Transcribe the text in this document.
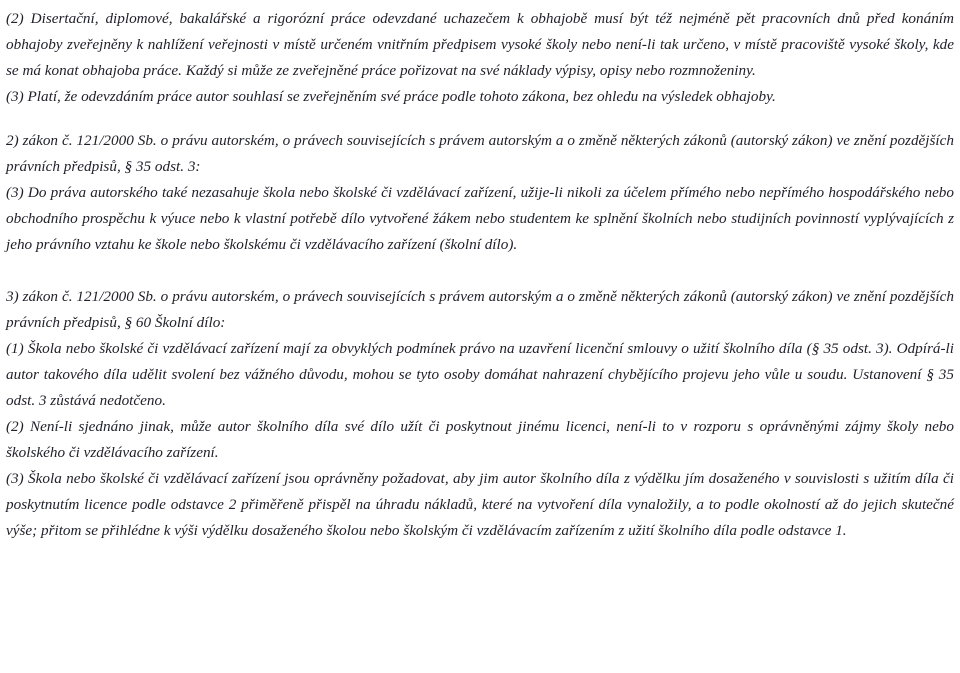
(2) Disertační, diplomové, bakalářské a rigorózní práce odevzdané uchazečem k obhajobě musí být též nejméně pět pracovních dnů před konáním obhajoby zveřejněny k nahlížení veřejnosti v místě určeném vnitřním předpisem vysoké školy nebo není-li tak určeno, v místě pracoviště vysoké školy, kde se má konat obhajoba práce. Každý si může ze zveřejněné práce pořizovat na své náklady výpisy, opisy nebo rozmnoženiny.

(3) Platí, že odevzdáním práce autor souhlasí se zveřejněním své práce podle tohoto zákona, bez ohledu na výsledek obhajoby.

2) zákon č. 121/2000 Sb. o právu autorském, o právech souvisejících s právem autorským a o změně některých zákonů (autorský zákon) ve znění pozdějších právních předpisů, § 35 odst. 3:

(3) Do práva autorského také nezasahuje škola nebo školské či vzdělávací zařízení, užije-li nikoli za účelem přímého nebo nepřímého hospodářského nebo obchodního prospěchu k výuce nebo k vlastní potřebě dílo vytvořené žákem nebo studentem ke splnění školních nebo studijních povinností vyplývajících z jeho právního vztahu ke škole nebo školskému či vzdělávacího zařízení (školní dílo).

3) zákon č. 121/2000 Sb. o právu autorském, o právech souvisejících s právem autorským a o změně některých zákonů (autorský zákon) ve znění pozdějších právních předpisů, § 60 Školní dílo:

(1) Škola nebo školské či vzdělávací zařízení mají za obvyklých podmínek právo na uzavření licenční smlouvy o užití školního díla (§ 35 odst. 3). Odpírá-li autor takového díla udělit svolení bez vážného důvodu, mohou se tyto osoby domáhat nahrazení chybějícího projevu jeho vůle u soudu. Ustanovení § 35 odst. 3 zůstává nedotčeno.

(2) Není-li sjednáno jinak, může autor školního díla své dílo užít či poskytnout jinému licenci, není-li to v rozporu s oprávněnými zájmy školy nebo školského či vzdělávacího zařízení.

(3) Škola nebo školské či vzdělávací zařízení jsou oprávněny požadovat, aby jim autor školního díla z výdělku jím dosaženého v souvislosti s užitím díla či poskytnutím licence podle odstavce 2 přiměřeně přispěl na úhradu nákladů, které na vytvoření díla vynaložily, a to podle okolností až do jejich skutečné výše; přitom se přihlédne k výši výdělku dosaženého školou nebo školským či vzdělávacím zařízením z užití školního díla podle odstavce 1.
